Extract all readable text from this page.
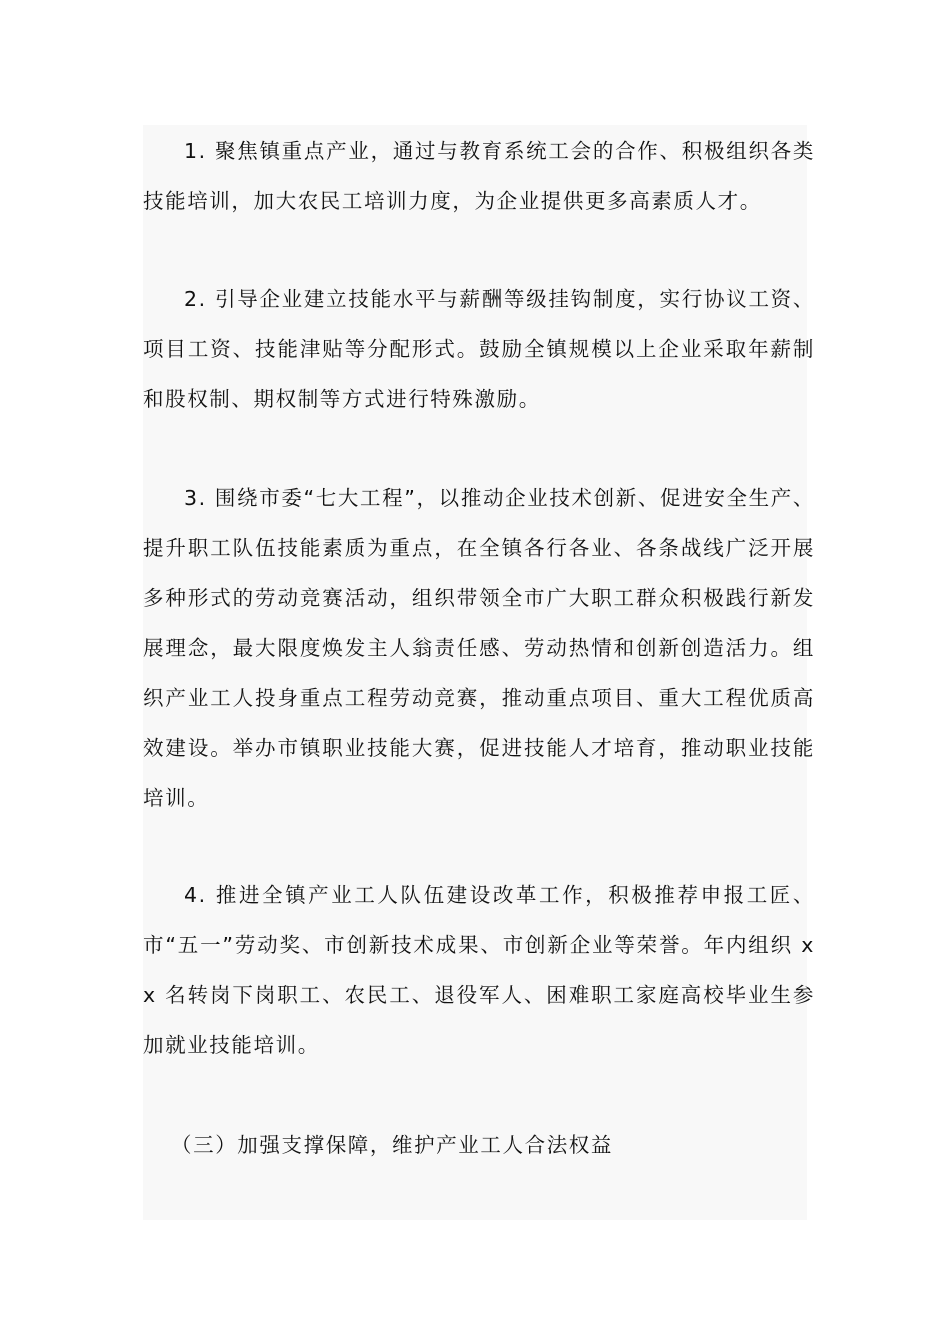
1. 聚焦镇重点产业，通过与教育系统工会的合作、积极组织各类技能培训，加大农民工培训力度，为企业提供更多高素质人才。

2. 引导企业建立技能水平与薪酬等级挂钩制度，实行协议工资、项目工资、技能津贴等分配形式。鼓励全镇规模以上企业采取年薪制和股权制、期权制等方式进行特殊激励。

3. 围绕市委“七大工程”，以推动企业技术创新、促进安全生产、提升职工队伍技能素质为重点，在全镇各行各业、各条战线广泛开展多种形式的劳动竞赛活动，组织带领全市广大职工群众积极践行新发展理念，最大限度焕发主人翁责任感、劳动热情和创新创造活力。组织产业工人投身重点工程劳动竞赛，推动重点项目、重大工程优质高效建设。举办市镇职业技能大赛，促进技能人才培育，推动职业技能培训。

4. 推进全镇产业工人队伍建设改革工作，积极推荐申报工匠、市“五一”劳动奖、市创新技术成果、市创新企业等荣誉。年内组织 xx 名转岗下岗职工、农民工、退役军人、困难职工家庭高校毕业生参加就业技能培训。

（三）加强支撑保障，维护产业工人合法权益
